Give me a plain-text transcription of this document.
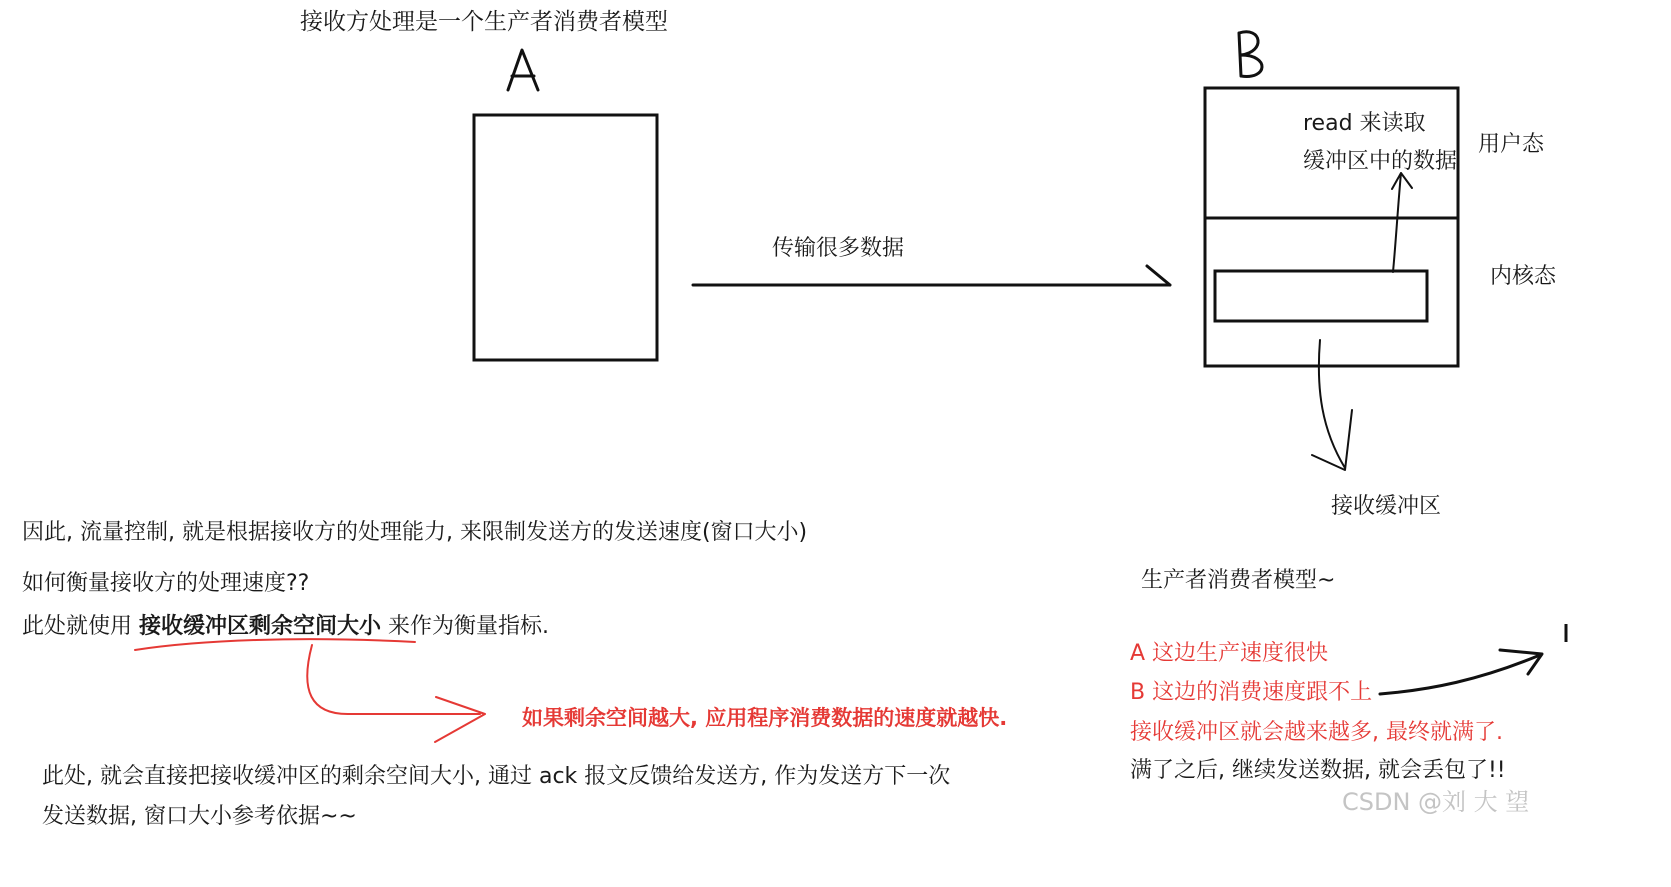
A
B
接收方处理是一个生产者消费者模型
传输很多数据
read 来读取
缓冲区中的数据
用户态
内核态
接收缓冲区
因此, 流量控制, 就是根据接收方的处理能力, 来限制发送方的发送速度(窗口大小)
如何衡量接收方的处理速度??
此处就使用 接收缓冲区剩余空间大小 来作为衡量指标.
如果剩余空间越大, 应用程序消费数据的速度就越快.
此处, 就会直接把接收缓冲区的剩余空间大小, 通过 ack 报文反馈给发送方, 作为发送方下一次
发送数据, 窗口大小参考依据~~
生产者消费者模型~
A 这边生产速度很快
B 这边的消费速度跟不上
接收缓冲区就会越来越多, 最终就满了.
满了之后, 继续发送数据, 就会丢包了!!
CSDN @刘 大 望
